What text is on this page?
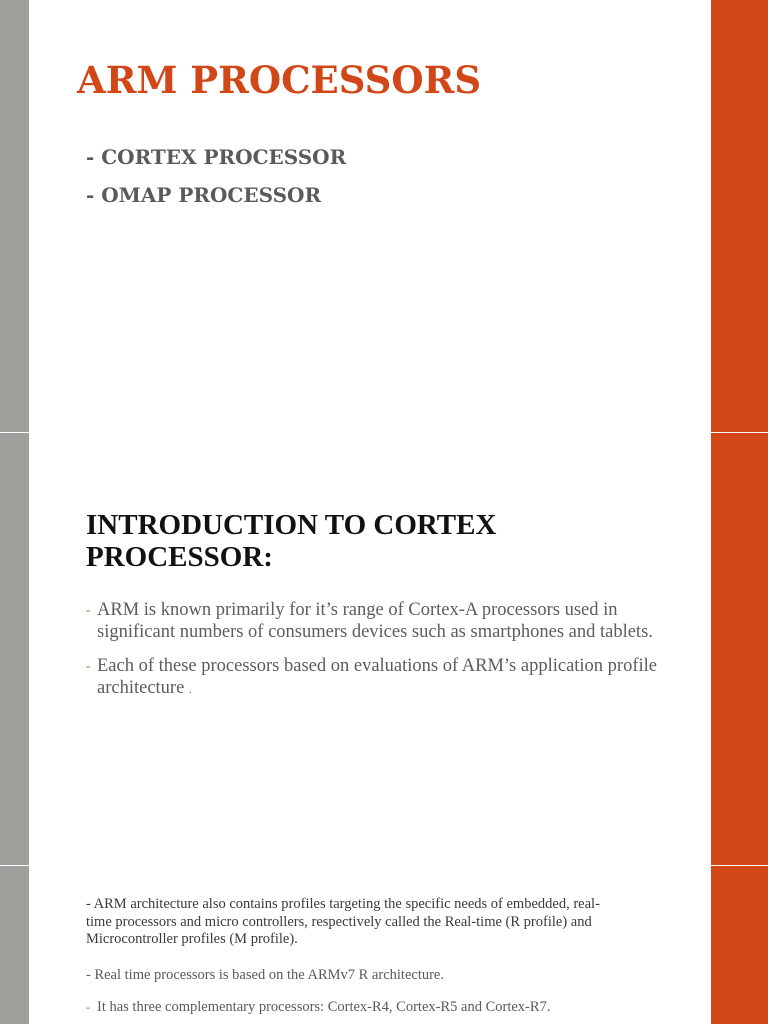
ARM PROCESSORS
- CORTEX PROCESSOR
- OMAP PROCESSOR
INTRODUCTION TO CORTEX PROCESSOR:
- ARM is known primarily for it’s range of Cortex-A processors used in significant numbers of consumers devices such as smartphones and tablets.
- Each of these processors based on evaluations of ARM’s application profile architecture .

- ARM architecture also contains profiles targeting the specific needs of embedded, real-time processors and micro controllers, respectively called the Real-time (R profile) and Microcontroller profiles (M profile).

- Real time processors is based on the ARMv7 R architecture.

- It has three complementary processors: Cortex-R4, Cortex-R5 and Cortex-R7.
